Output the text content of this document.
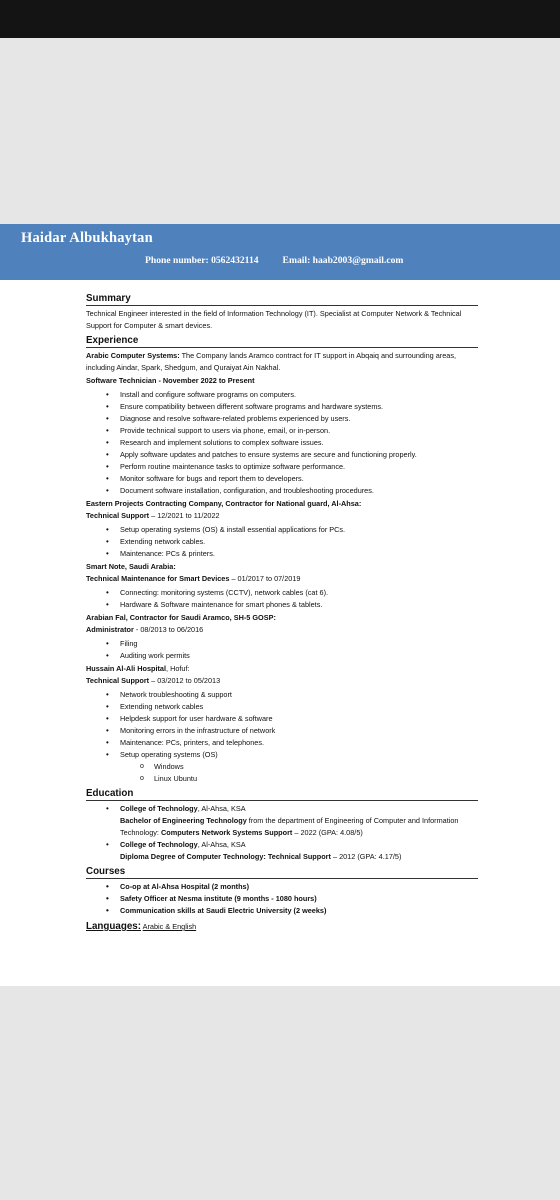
Haidar Albukhaytan
Phone number: 0562432114	Email: haab2003@gmail.com
Summary
Technical Engineer interested in the field of Information Technology (IT). Specialist at Computer Network & Technical Support for Computer & smart devices.
Experience
Arabic Computer Systems: The Company lands Aramco contract for IT support in Abqaiq and surrounding areas, including Aindar, Spark, Shedgum, and Quraiyat Ain Nakhal.
Software Technician - November 2022 to Present
• Install and configure software programs on computers.
• Ensure compatibility between different software programs and hardware systems.
• Diagnose and resolve software-related problems experienced by users.
• Provide technical support to users via phone, email, or in-person.
• Research and implement solutions to complex software issues.
• Apply software updates and patches to ensure systems are secure and functioning properly.
• Perform routine maintenance tasks to optimize software performance.
• Monitor software for bugs and report them to developers.
• Document software installation, configuration, and troubleshooting procedures.
Eastern Projects Contracting Company, Contractor for National guard, Al-Ahsa:
Technical Support – 12/2021 to 11/2022
• Setup operating systems (OS) & install essential applications for PCs.
• Extending network cables.
• Maintenance: PCs & printers.
Smart Note, Saudi Arabia:
Technical Maintenance for Smart Devices – 01/2017 to 07/2019
• Connecting: monitoring systems (CCTV), network cables (cat 6).
• Hardware & Software maintenance for smart phones & tablets.
Arabian Fal, Contractor for Saudi Aramco, SH-5 GOSP:
Administrator - 08/2013 to 06/2016
• Filing
• Auditing work permits
Hussain Al-Ali Hospital, Hofuf:
Technical Support – 03/2012 to 05/2013
• Network troubleshooting & support
• Extending network cables
• Helpdesk support for user hardware & software
• Monitoring errors in the infrastructure of network
• Maintenance: PCs, printers, and telephones.
• Setup operating systems (OS)
o Windows
o Linux Ubuntu
Education
• College of Technology, Al-Ahsa, KSA
Bachelor of Engineering Technology from the department of Engineering of Computer and Information Technology: Computers Network Systems Support – 2022 (GPA: 4.08/5)
• College of Technology, Al-Ahsa, KSA
Diploma Degree of Computer Technology: Technical Support – 2012 (GPA: 4.17/5)
Courses
• Co-op at Al-Ahsa Hospital (2 months)
• Safety Officer at Nesma institute (9 months - 1080 hours)
• Communication skills at Saudi Electric University (2 weeks)
Languages: Arabic & English
